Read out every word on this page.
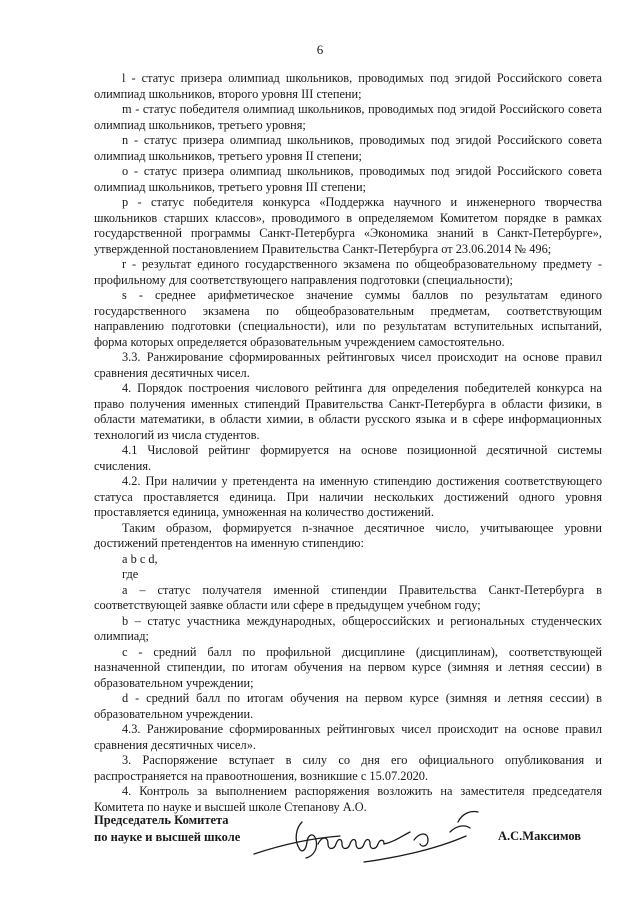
6

l - статус призера олимпиад школьников, проводимых под эгидой Российского совета олимпиад школьников, второго уровня III степени;

m - статус победителя олимпиад школьников, проводимых под эгидой Российского совета олимпиад школьников, третьего уровня;

n - статус призера олимпиад школьников, проводимых под эгидой Российского совета олимпиад школьников, третьего уровня II степени;

o - статус призера олимпиад школьников, проводимых под эгидой Российского совета олимпиад школьников, третьего уровня III степени;

p - статус победителя конкурса «Поддержка научного и инженерного творчества школьников старших классов», проводимого в определяемом Комитетом порядке в рамках государственной программы Санкт-Петербурга «Экономика знаний в Санкт-Петербурге», утвержденной постановлением Правительства Санкт-Петербурга от 23.06.2014 № 496;

r - результат единого государственного экзамена по общеобразовательному предмету - профильному для соответствующего направления подготовки (специальности);

s - среднее арифметическое значение суммы баллов по результатам единого государственного экзамена по общеобразовательным предметам, соответствующим направлению подготовки (специальности), или по результатам вступительных испытаний, форма которых определяется образовательным учреждением самостоятельно.

3.3. Ранжирование сформированных рейтинговых чисел происходит на основе правил сравнения десятичных чисел.

4. Порядок построения числового рейтинга для определения победителей конкурса на право получения именных стипендий Правительства Санкт-Петербурга в области физики, в области математики, в области химии, в области русского языка и в сфере информационных технологий из числа студентов.

4.1 Числовой рейтинг формируется на основе позиционной десятичной системы счисления.

4.2. При наличии у претендента на именную стипендию достижения соответствующего статуса проставляется единица. При наличии нескольких достижений одного уровня проставляется единица, умноженная на количество достижений.

Таким образом, формируется n-значное десятичное число, учитывающее уровни достижений претендентов на именную стипендию:

a b c d,

где

a – статус получателя именной стипендии Правительства Санкт-Петербурга в соответствующей заявке области или сфере в предыдущем учебном году;

b – статус участника международных, общероссийских и региональных студенческих олимпиад;

c - средний балл по профильной дисциплине (дисциплинам), соответствующей назначенной стипендии, по итогам обучения на первом курсе (зимняя и летняя сессии) в образовательном учреждении;

d - средний балл по итогам обучения на первом курсе (зимняя и летняя сессии) в образовательном учреждении.

4.3. Ранжирование сформированных рейтинговых чисел происходит на основе правил сравнения десятичных чисел».

3. Распоряжение вступает в силу со дня его официального опубликования и распространяется на правоотношения, возникшие с 15.07.2020.

4. Контроль за выполнением распоряжения возложить на заместителя председателя Комитета по науке и высшей школе Степанову А.О.

Председатель Комитета
по науке и высшей школе	А.С.Максимов
